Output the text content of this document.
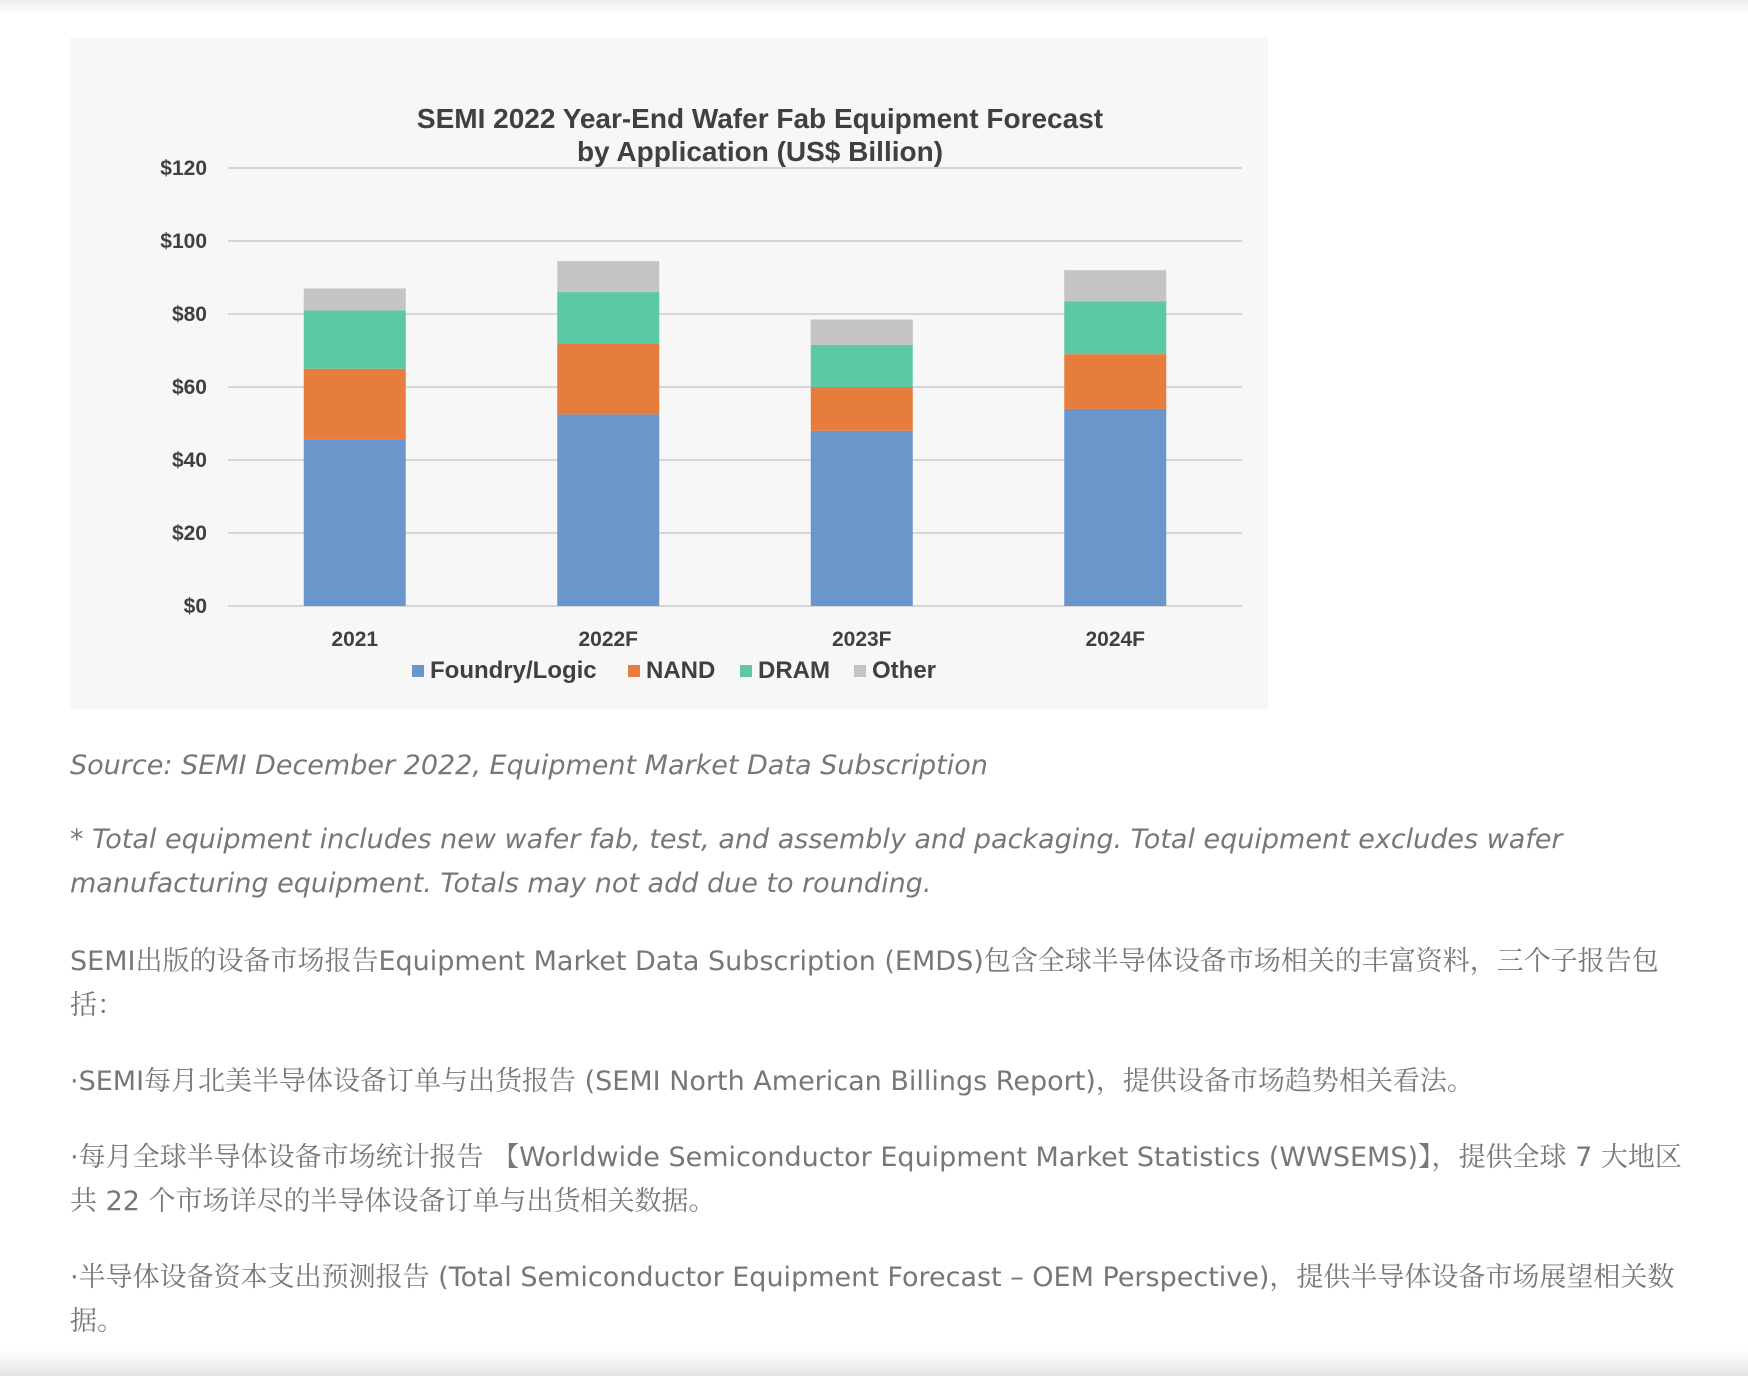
SEMI 2022 Year-End Wafer Fab Equipment Forecast
by Application (US$ Billion)
$0
$20
$40
$60
$80
$100
$120
2021	2022F	2023F	2024F
Foundry/Logic NAND DRAM Other

Source: SEMI December 2022, Equipment Market Data Subscription

* Total equipment includes new wafer fab, test, and assembly and packaging. Total equipment excludes wafer manufacturing equipment. Totals may not add due to rounding.

SEMI出版的设备市场报告Equipment Market Data Subscription (EMDS)包含全球半导体设备市场相关的丰富资料，三个子报告包括：

·SEMI每月北美半导体设备订单与出货报告 (SEMI North American Billings Report)，提供设备市场趋势相关看法。

·每月全球半导体设备市场统计报告 【Worldwide Semiconductor Equipment Market Statistics (WWSEMS)】，提供全球 7 大地区共 22 个市场详尽的半导体设备订单与出货相关数据。

·半导体设备资本支出预测报告 (Total Semiconductor Equipment Forecast – OEM Perspective)，提供半导体设备市场展望相关数据。
